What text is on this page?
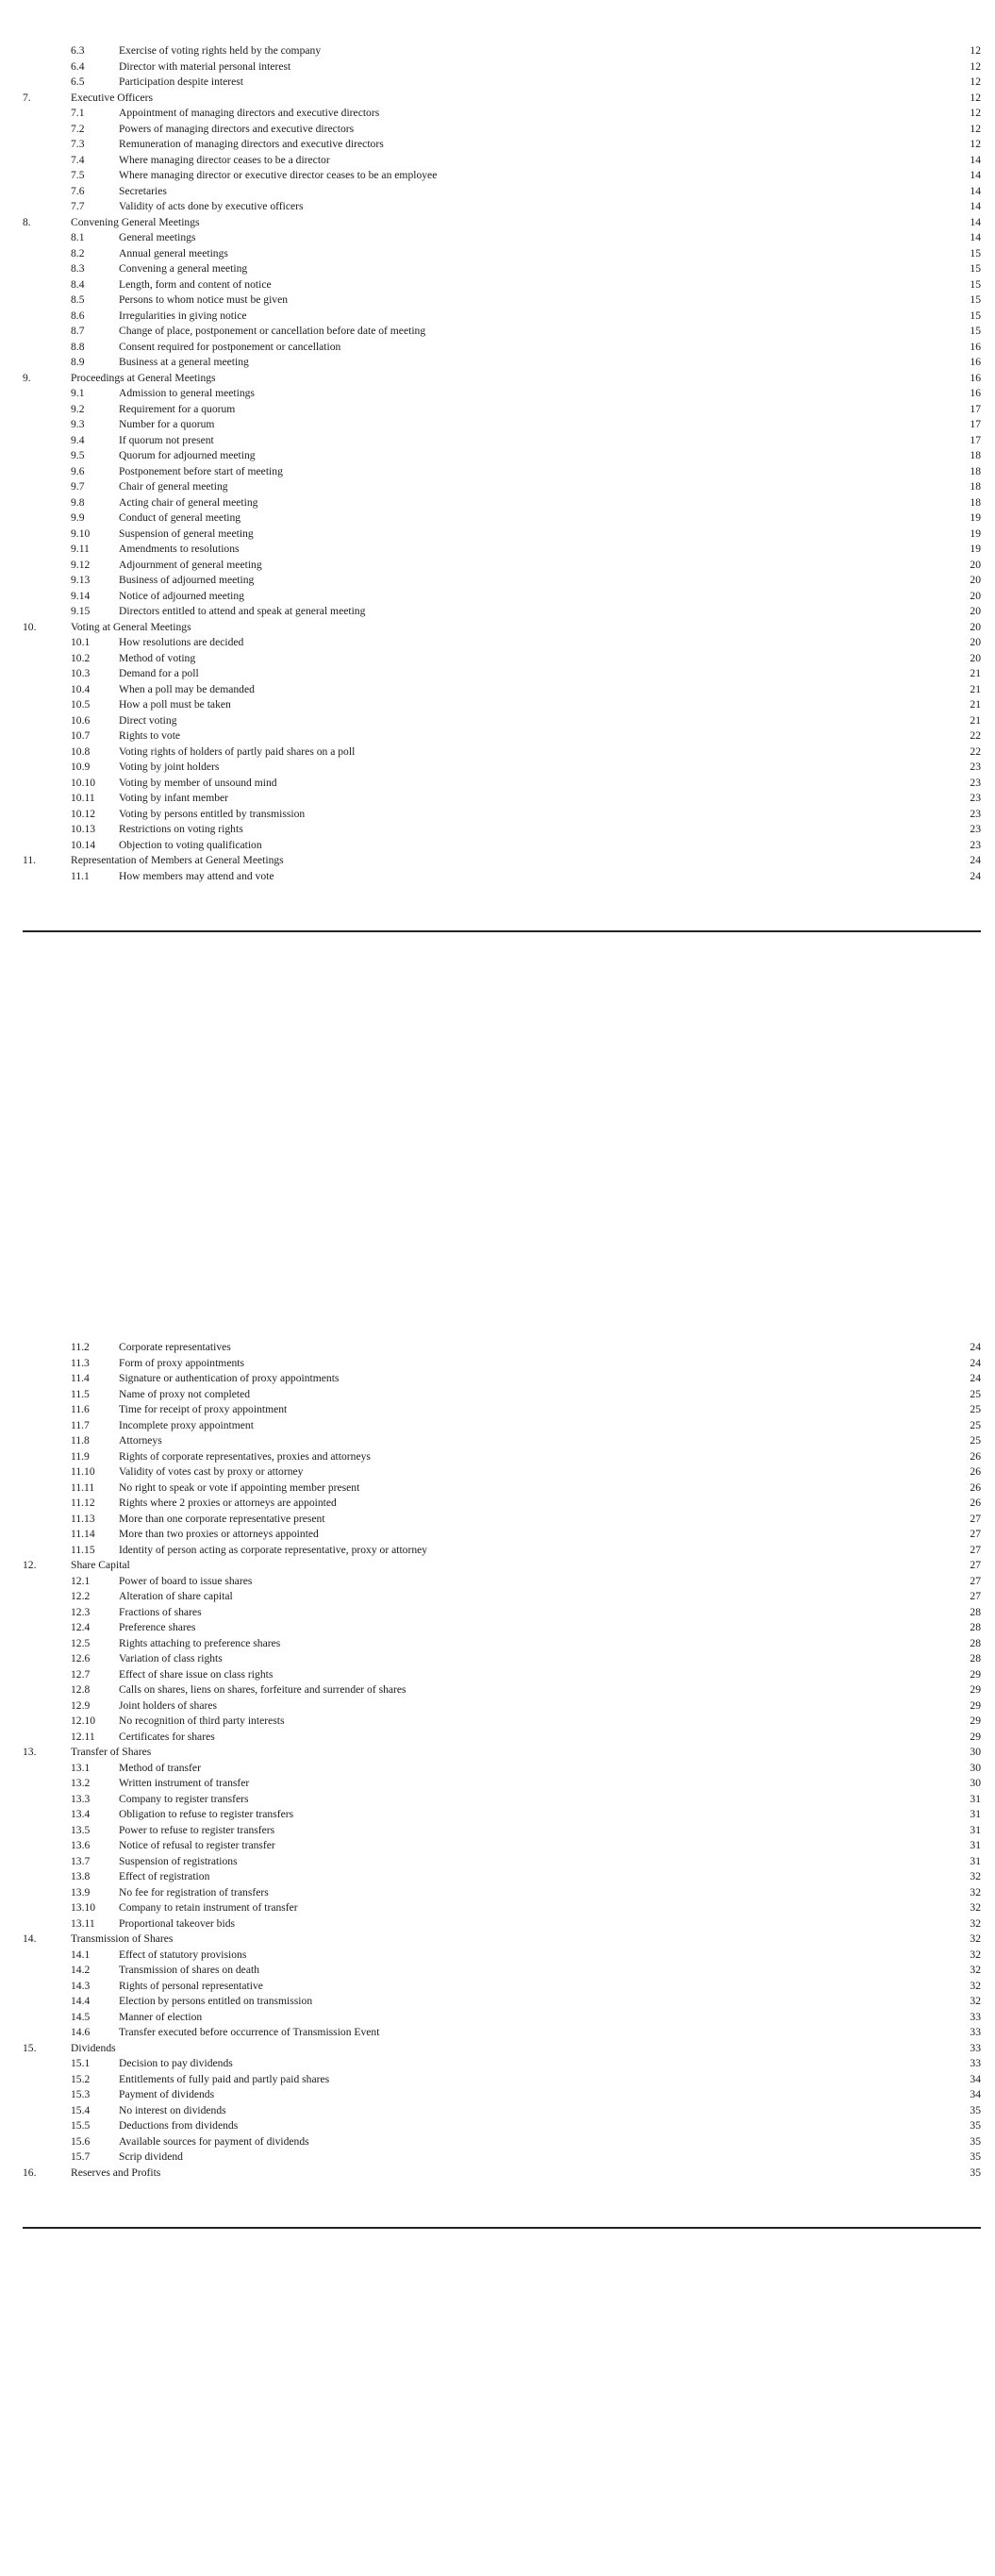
6.3	Exercise of voting rights held by the company	12
6.4	Director with material personal interest	12
6.5	Participation despite interest	12
7.	Executive Officers	12
7.1	Appointment of managing directors and executive directors	12
7.2	Powers of managing directors and executive directors	12
7.3	Remuneration of managing directors and executive directors	12
7.4	Where managing director ceases to be a director	14
7.5	Where managing director or executive director ceases to be an employee	14
7.6	Secretaries	14
7.7	Validity of acts done by executive officers	14
8.	Convening General Meetings	14
8.1	General meetings	14
8.2	Annual general meetings	15
8.3	Convening a general meeting	15
8.4	Length, form and content of notice	15
8.5	Persons to whom notice must be given	15
8.6	Irregularities in giving notice	15
8.7	Change of place, postponement or cancellation before date of meeting	15
8.8	Consent required for postponement or cancellation	16
8.9	Business at a general meeting	16
9.	Proceedings at General Meetings	16
9.1	Admission to general meetings	16
9.2	Requirement for a quorum	17
9.3	Number for a quorum	17
9.4	If quorum not present	17
9.5	Quorum for adjourned meeting	18
9.6	Postponement before start of meeting	18
9.7	Chair of general meeting	18
9.8	Acting chair of general meeting	18
9.9	Conduct of general meeting	19
9.10	Suspension of general meeting	19
9.11	Amendments to resolutions	19
9.12	Adjournment of general meeting	20
9.13	Business of adjourned meeting	20
9.14	Notice of adjourned meeting	20
9.15	Directors entitled to attend and speak at general meeting	20
10.	Voting at General Meetings	20
10.1	How resolutions are decided	20
10.2	Method of voting	20
10.3	Demand for a poll	21
10.4	When a poll may be demanded	21
10.5	How a poll must be taken	21
10.6	Direct voting	21
10.7	Rights to vote	22
10.8	Voting rights of holders of partly paid shares on a poll	22
10.9	Voting by joint holders	23
10.10 Voting by member of unsound mind	23
10.11 Voting by infant member	23
10.12 Voting by persons entitled by transmission	23
10.13 Restrictions on voting rights	23
10.14 Objection to voting qualification	23
11.	Representation of Members at General Meetings	24
11.1	How members may attend and vote	24
11.2	Corporate representatives	24
11.3	Form of proxy appointments	24
11.4	Signature or authentication of proxy appointments	24
11.5	Name of proxy not completed	25
11.6	Time for receipt of proxy appointment	25
11.7	Incomplete proxy appointment	25
11.8	Attorneys	25
11.9	Rights of corporate representatives, proxies and attorneys	26
11.10 Validity of votes cast by proxy or attorney	26
11.11 No right to speak or vote if appointing member present	26
11.12 Rights where 2 proxies or attorneys are appointed	26
11.13 More than one corporate representative present	27
11.14 More than two proxies or attorneys appointed	27
11.15 Identity of person acting as corporate representative, proxy or attorney	27
12.	Share Capital	27
12.1	Power of board to issue shares	27
12.2	Alteration of share capital	27
12.3	Fractions of shares	28
12.4	Preference shares	28
12.5	Rights attaching to preference shares	28
12.6	Variation of class rights	28
12.7	Effect of share issue on class rights	29
12.8	Calls on shares, liens on shares, forfeiture and surrender of shares	29
12.9	Joint holders of shares	29
12.10 No recognition of third party interests	29
12.11 Certificates for shares	29
13.	Transfer of Shares	30
13.1	Method of transfer	30
13.2	Written instrument of transfer	30
13.3	Company to register transfers	31
13.4	Obligation to refuse to register transfers	31
13.5	Power to refuse to register transfers	31
13.6	Notice of refusal to register transfer	31
13.7	Suspension of registrations	31
13.8	Effect of registration	32
13.9	No fee for registration of transfers	32
13.10 Company to retain instrument of transfer	32
13.11 Proportional takeover bids	32
14.	Transmission of Shares	32
14.1	Effect of statutory provisions	32
14.2	Transmission of shares on death	32
14.3	Rights of personal representative	32
14.4	Election by persons entitled on transmission	32
14.5	Manner of election	33
14.6	Transfer executed before occurrence of Transmission Event	33
15.	Dividends	33
15.1	Decision to pay dividends	33
15.2	Entitlements of fully paid and partly paid shares	34
15.3	Payment of dividends	34
15.4	No interest on dividends	35
15.5	Deductions from dividends	35
15.6	Available sources for payment of dividends	35
15.7	Scrip dividend	35
16.	Reserves and Profits	35
